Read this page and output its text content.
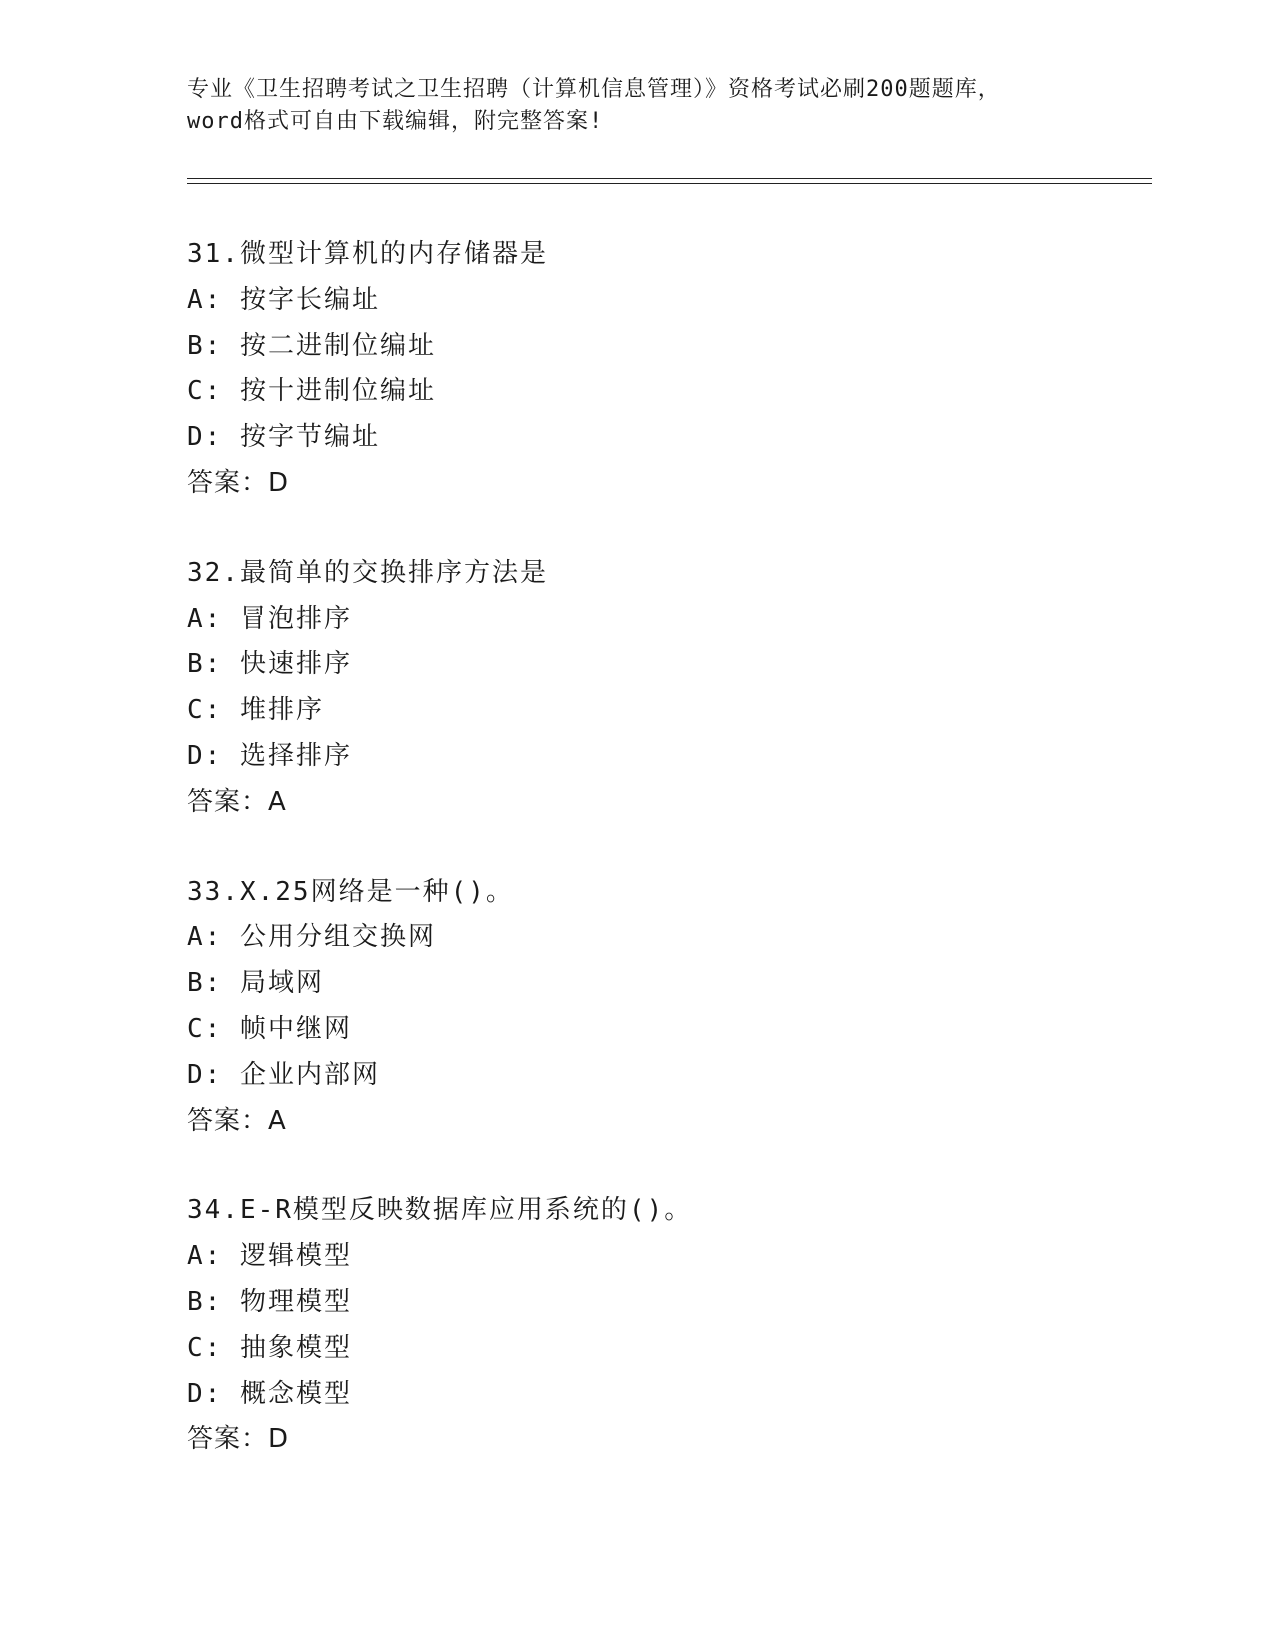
专业《卫生招聘考试之卫生招聘（计算机信息管理）》资格考试必刷200题题库，

word格式可自由下载编辑，附完整答案!

31.微型计算机的内存储器是
A: 按字长编址
B: 按二进制位编址
C: 按十进制位编址
D: 按字节编址
答案：D
32.最简单的交换排序方法是
A: 冒泡排序
B: 快速排序
C: 堆排序
D: 选择排序
答案：A
33.X.25网络是一种()。
A: 公用分组交换网
B: 局域网
C: 帧中继网
D: 企业内部网
答案：A
34.E-R模型反映数据库应用系统的()。
A: 逻辑模型
B: 物理模型
C: 抽象模型
D: 概念模型
答案：D
